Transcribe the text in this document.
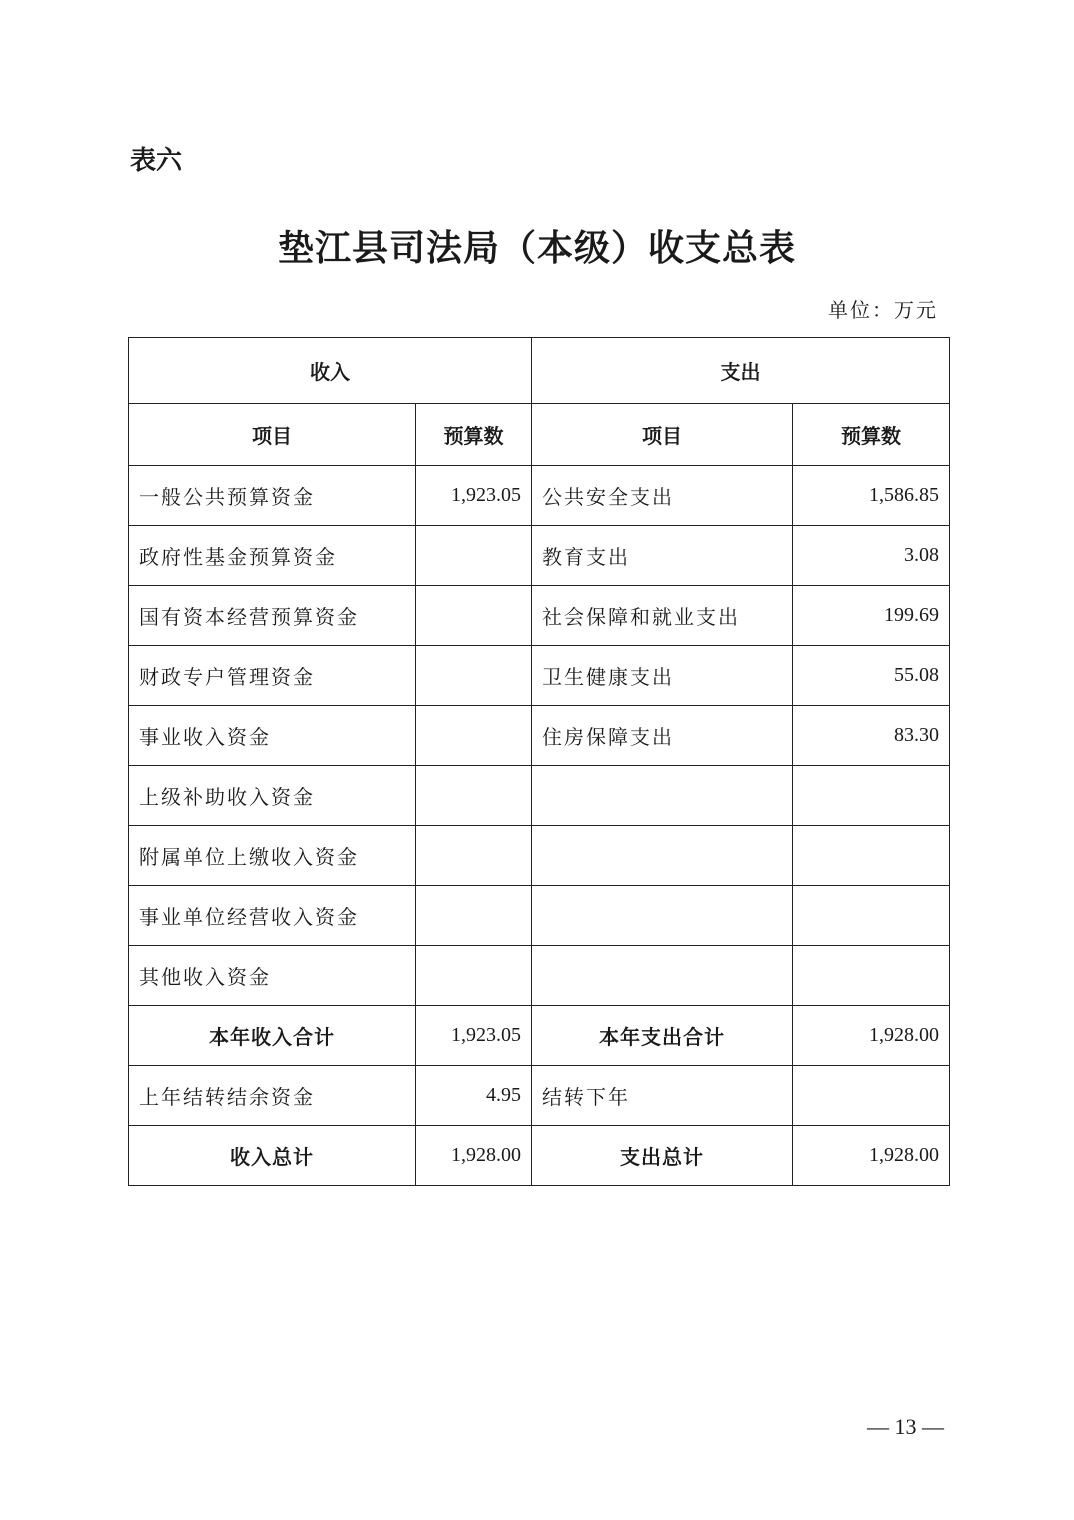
表六
垫江县司法局（本级）收支总表
单位：万元
收入		支出	
项目	预算数	项目	预算数
一般公共预算资金	1,923.05	公共安全支出	1,586.85
政府性基金预算资金		教育支出	3.08
国有资本经营预算资金		社会保障和就业支出	199.69
财政专户管理资金		卫生健康支出	55.08
事业收入资金		住房保障支出	83.30
上级补助收入资金			
附属单位上缴收入资金			
事业单位经营收入资金			
其他收入资金			
本年收入合计	1,923.05	本年支出合计	1,928.00
上年结转结余资金	4.95	结转下年	
收入总计	1,928.00	支出总计	1,928.00
— 13 —
